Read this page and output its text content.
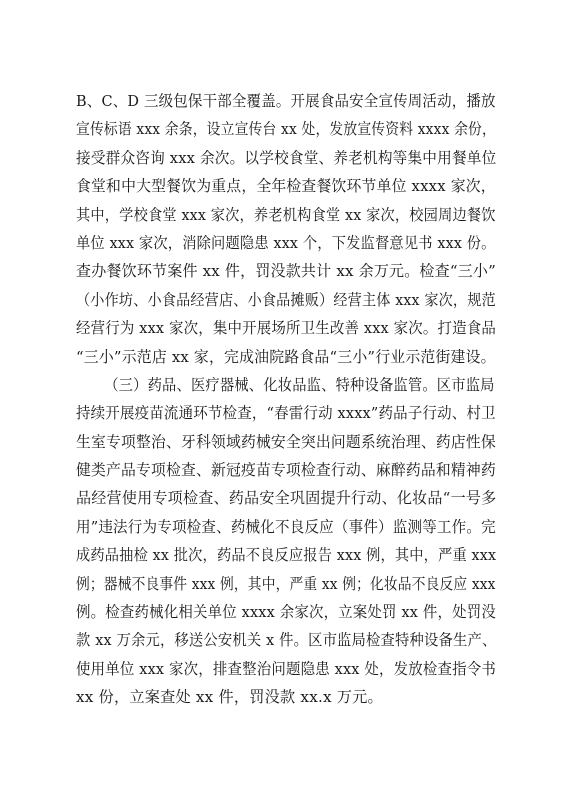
B、C、D 三级包保干部全覆盖。开展食品安全宣传周活动，播放
宣传标语 xxx 余条，设立宣传台 xx 处，发放宣传资料 xxxx 余份，
接受群众咨询 xxx 余次。以学校食堂、养老机构等集中用餐单位
食堂和中大型餐饮为重点，全年检查餐饮环节单位 xxxx 家次，
其中，学校食堂 xxx 家次，养老机构食堂 xx 家次，校园周边餐饮
单位 xxx 家次，消除问题隐患 xxx 个，下发监督意见书 xxx 份。
查办餐饮环节案件 xx 件，罚没款共计 xx 余万元。检查“三小”
（小作坊、小食品经营店、小食品摊贩）经营主体 xxx 家次，规范
经营行为 xxx 家次，集中开展场所卫生改善 xxx 家次。打造食品
“三小”示范店 xx 家，完成油院路食品“三小”行业示范街建设。
（三）药品、医疗器械、化妆品监、特种设备监管。区市监局
持续开展疫苗流通环节检查，“春雷行动 xxxx”药品子行动、村卫
生室专项整治、牙科领域药械安全突出问题系统治理、药店性保
健类产品专项检查、新冠疫苗专项检查行动、麻醉药品和精神药
品经营使用专项检查、药品安全巩固提升行动、化妆品“一号多
用”违法行为专项检查、药械化不良反应（事件）监测等工作。完
成药品抽检 xx 批次，药品不良反应报告 xxx 例，其中，严重 xxx
例；器械不良事件 xxx 例，其中，严重 xx 例；化妆品不良反应 xxx
例。检查药械化相关单位 xxxx 余家次，立案处罚 xx 件，处罚没
款 xx 万余元，移送公安机关 x 件。区市监局检查特种设备生产、
使用单位 xxx 家次，排查整治问题隐患 xxx 处，发放检查指令书
xx 份，立案查处 xx 件，罚没款 xx.x 万元。
